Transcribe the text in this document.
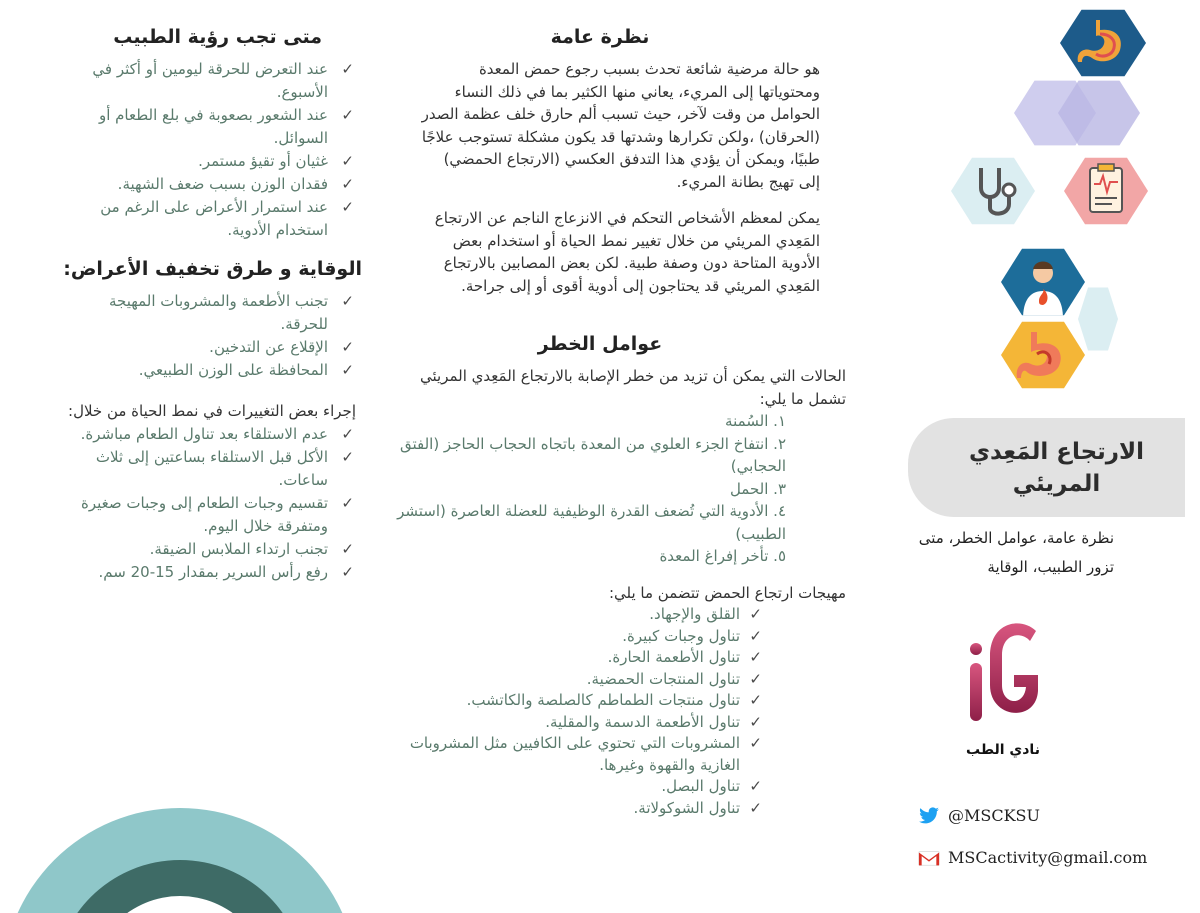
متى تجب رؤية الطبيب
✓ عند التعرض للحرقة ليومين أو أكثر في الأسبوع.
✓ عند الشعور بصعوبة في بلع الطعام أو السوائل.
✓ غثيان أو تقيؤ مستمر.
✓ فقدان الوزن بسبب ضعف الشهية.
✓ عند استمرار الأعراض على الرغم من استخدام الأدوية.
الوقاية و طرق تخفيف الأعراض:
✓ تجنب الأطعمة والمشروبات المهيجة للحرقة.
✓ الإقلاع عن التدخين.
✓ المحافظة على الوزن الطبيعي.

إجراء بعض التغييرات في نمط الحياة من خلال:

✓ عدم الاستلقاء بعد تناول الطعام مباشرة.
✓ الأكل قبل الاستلقاء بساعتين إلى ثلاث ساعات.
✓ تقسيم وجبات الطعام إلى وجبات صغيرة ومتفرقة خلال اليوم.
✓ تجنب ارتداء الملابس الضيقة.
✓ رفع رأس السرير بمقدار 15-20 سم.
نظرة عامة

هو حالة مرضية شائعة تحدث بسبب رجوع حمض المعدة ومحتوياتها إلى المريء، يعاني منها الكثير بما في ذلك النساء الحوامل من وقت لآخر، حيث تسبب ألم حارق خلف عظمة الصدر (الحرقان) ،ولكن تكرارها وشدتها قد يكون مشكلة تستوجب علاجًا طبيًا، ويمكن أن يؤدي هذا التدفق العكسي (الارتجاع الحمضي) إلى تهيج بطانة المريء.

يمكن لمعظم الأشخاص التحكم في الانزعاج الناجم عن الارتجاع المَعِدي المريئي من خلال تغيير نمط الحياة أو استخدام بعض الأدوية المتاحة دون وصفة طبية. لكن بعض المصابين بالارتجاع المَعِدي المريئي قد يحتاجون إلى أدوية أقوى أو إلى جراحة.

عوامل الخطر

الحالات التي يمكن أن تزيد من خطر الإصابة بالارتجاع المَعِدي المريئي تشمل ما يلي:

١. السُمنة
٢. انتفاخ الجزء العلوي من المعدة باتجاه الحجاب الحاجز (الفتق الحجابي)
٣. الحمل
٤. الأدوية التي تُضعف القدرة الوظيفية للعضلة العاصرة (استشر الطبيب)
٥. تأخر إفراغ المعدة

مهيجات ارتجاع الحمض تتضمن ما يلي:

✓ القلق والإجهاد.
✓ تناول وجبات كبيرة.
✓ تناول الأطعمة الحارة.
✓ تناول المنتجات الحمضية.
✓ تناول منتجات الطماطم كالصلصة والكاتشب.
✓ تناول الأطعمة الدسمة والمقلية.
✓ المشروبات التي تحتوي على الكافيين مثل المشروبات الغازية والقهوة وغيرها.
✓ تناول البصل.
✓ تناول الشوكولاتة.
الارتجاع المَعِدي المريئي

نظرة عامة، عوامل الخطر، متى تزور الطبيب، الوقاية

نادي الطب

@MSCKSU
MSCactivity@gmail.com
